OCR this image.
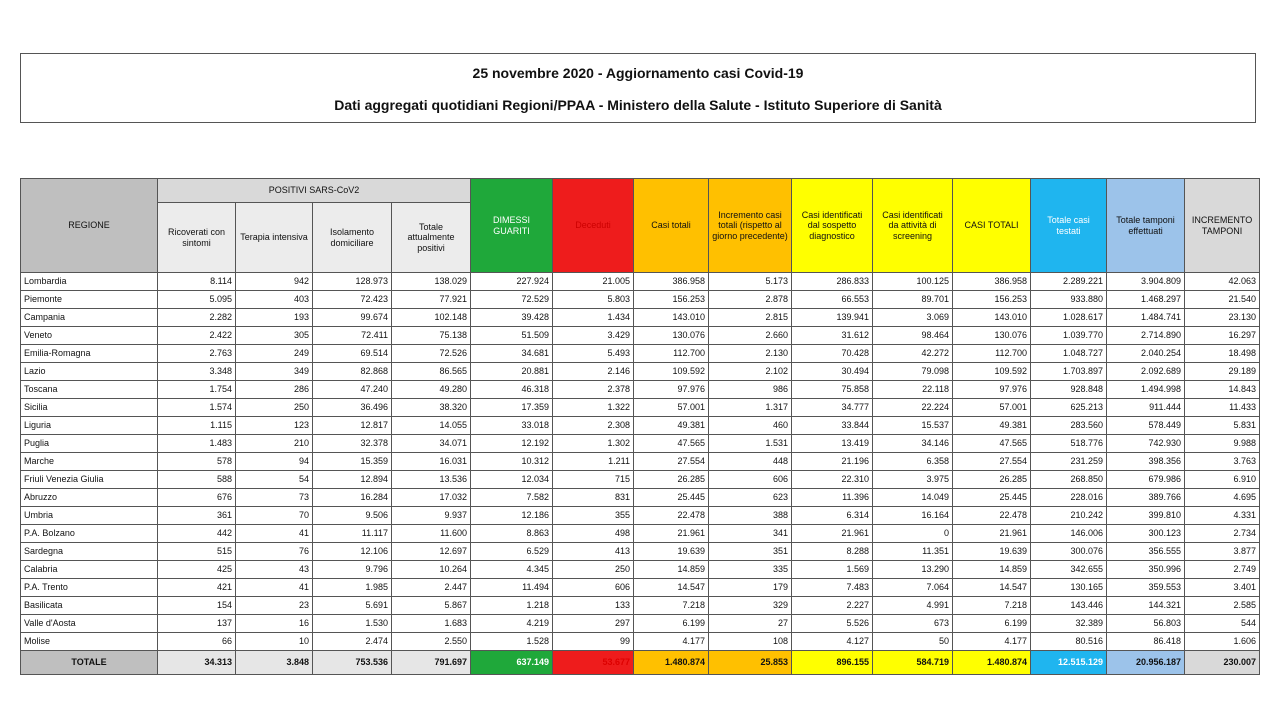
25 novembre 2020 - Aggiornamento casi Covid-19
Dati aggregati quotidiani Regioni/PPAA - Ministero della Salute - Istituto Superiore di Sanità
REGIONE	POSITIVI SARS-CoV2				DIMESSI GUARITI	Deceduti	Casi totali	Incremento casi totali (rispetto al giorno precedente)	Casi identificati dal sospetto diagnostico	Casi identificati da attività di screening	CASI TOTALI	Totale casi testati	Totale tamponi effettuati	INCREMENTO TAMPONI
	Ricoverati con sintomi	Terapia intensiva	Isolamento domiciliare	Totale attualmente positivi										
Lombardia	8.114	942	128.973	138.029	227.924	21.005	386.958	5.173	286.833	100.125	386.958	2.289.221	3.904.809	42.063
Piemonte	5.095	403	72.423	77.921	72.529	5.803	156.253	2.878	66.553	89.701	156.253	933.880	1.468.297	21.540
Campania	2.282	193	99.674	102.148	39.428	1.434	143.010	2.815	139.941	3.069	143.010	1.028.617	1.484.741	23.130
Veneto	2.422	305	72.411	75.138	51.509	3.429	130.076	2.660	31.612	98.464	130.076	1.039.770	2.714.890	16.297
Emilia-Romagna	2.763	249	69.514	72.526	34.681	5.493	112.700	2.130	70.428	42.272	112.700	1.048.727	2.040.254	18.498
Lazio	3.348	349	82.868	86.565	20.881	2.146	109.592	2.102	30.494	79.098	109.592	1.703.897	2.092.689	29.189
Toscana	1.754	286	47.240	49.280	46.318	2.378	97.976	986	75.858	22.118	97.976	928.848	1.494.998	14.843
Sicilia	1.574	250	36.496	38.320	17.359	1.322	57.001	1.317	34.777	22.224	57.001	625.213	911.444	11.433
Liguria	1.115	123	12.817	14.055	33.018	2.308	49.381	460	33.844	15.537	49.381	283.560	578.449	5.831
Puglia	1.483	210	32.378	34.071	12.192	1.302	47.565	1.531	13.419	34.146	47.565	518.776	742.930	9.988
Marche	578	94	15.359	16.031	10.312	1.211	27.554	448	21.196	6.358	27.554	231.259	398.356	3.763
Friuli Venezia Giulia	588	54	12.894	13.536	12.034	715	26.285	606	22.310	3.975	26.285	268.850	679.986	6.910
Abruzzo	676	73	16.284	17.032	7.582	831	25.445	623	11.396	14.049	25.445	228.016	389.766	4.695
Umbria	361	70	9.506	9.937	12.186	355	22.478	388	6.314	16.164	22.478	210.242	399.810	4.331
P.A. Bolzano	442	41	11.117	11.600	8.863	498	21.961	341	21.961	0	21.961	146.006	300.123	2.734
Sardegna	515	76	12.106	12.697	6.529	413	19.639	351	8.288	11.351	19.639	300.076	356.555	3.877
Calabria	425	43	9.796	10.264	4.345	250	14.859	335	1.569	13.290	14.859	342.655	350.996	2.749
P.A. Trento	421	41	1.985	2.447	11.494	606	14.547	179	7.483	7.064	14.547	130.165	359.553	3.401
Basilicata	154	23	5.691	5.867	1.218	133	7.218	329	2.227	4.991	7.218	143.446	144.321	2.585
Valle d'Aosta	137	16	1.530	1.683	4.219	297	6.199	27	5.526	673	6.199	32.389	56.803	544
Molise	66	10	2.474	2.550	1.528	99	4.177	108	4.127	50	4.177	80.516	86.418	1.606
TOTALE	34.313	3.848	753.536	791.697	637.149	53.677	1.480.874	25.853	896.155	584.719	1.480.874	12.515.129	20.956.187	230.007
